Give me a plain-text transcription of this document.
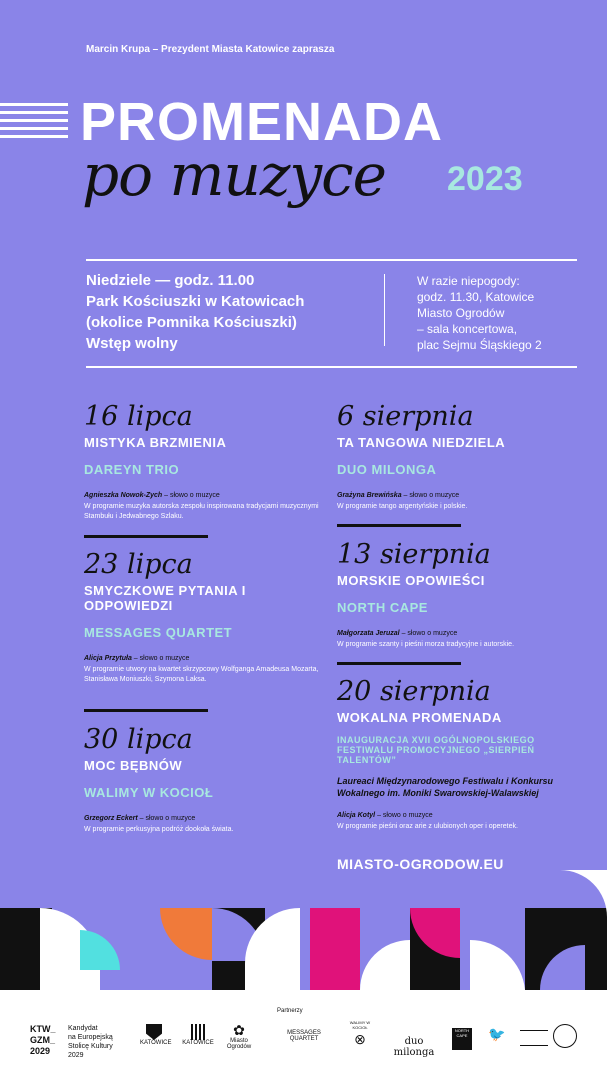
Marcin Krupa – Prezydent Miasta Katowice zaprasza
PROMENADA
po muzyce 2023
Niedziele — godz. 11.00
Park Kościuszki w Katowicach
(okolice Pomnika Kościuszki)
Wstęp wolny
W razie niepogody:
godz. 11.30, Katowice
Miasto Ogrodów
– sala koncertowa,
plac Sejmu Śląskiego 2
16 lipca
MISTYKA BRZMIENIA
DAREYN TRIO
Agnieszka Nowok-Zych – słowo o muzyce
W programie muzyka autorska zespołu inspirowana tradycjami muzycznymi Stambułu i Jedwabnego Szlaku.
23 lipca
SMYCZKOWE PYTANIA I ODPOWIEDZI
MESSAGES QUARTET
Alicja Przytuła – słowo o muzyce
W programie utwory na kwartet skrzypcowy Wolfganga Amadeusa Mozarta, Stanisława Moniuszki, Szymona Laksa.
30 lipca
MOC BĘBNÓW
WALIMY W KOCIOŁ
Grzegorz Eckert – słowo o muzyce
W programie perkusyjna podróż dookoła świata.
6 sierpnia
TA TANGOWA NIEDZIELA
DUO MILONGA
Grażyna Brewińska – słowo o muzyce
W programie tango argentyńskie i polskie.
13 sierpnia
MORSKIE OPOWIEŚCI
NORTH CAPE
Małgorzata Jeruzal – słowo o muzyce
W programie szanty i pieśni morza tradycyjne i autorskie.
20 sierpnia
WOKALNA PROMENADA
INAUGURACJA XVII OGÓLNOPOLSKIEGO FESTIWALU PROMOCYJNEGO „SIERPIEŃ TALENTÓW”
Laureaci Międzynarodowego Festiwalu i Konkursu Wokalnego im. Moniki Swarowskiej-Walawskiej
Alicja Kotyl – słowo o muzyce
W programie pieśni oraz arie z ulubionych oper i operetek.
MIASTO-OGRODOW.EU
KTW_
GZM_
2029
Kandydat
na Europejską
Stolicę Kultury
2029
KATOWICE KATOWICE
✿
Miasto Ogrodów
Partnerzy
MESSAGES QUARTET
WALIMY W KOCIOŁ
⊗	duo milonga
NORTH CAPE	🐦
